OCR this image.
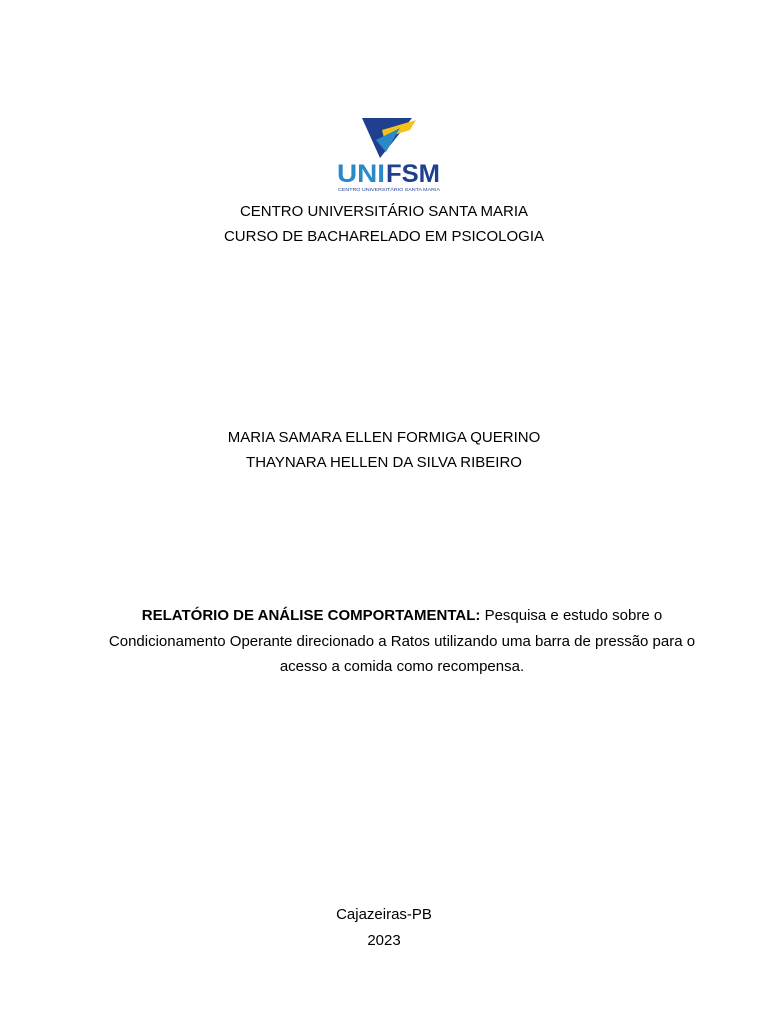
UNI FSM
CENTRO UNIVERSITÁRIO SANTA MARIA
CENTRO UNIVERSITÁRIO SANTA MARIA
CURSO DE BACHARELADO EM PSICOLOGIA
MARIA SAMARA ELLEN FORMIGA QUERINO
THAYNARA HELLEN DA SILVA RIBEIRO
RELATÓRIO DE ANÁLISE COMPORTAMENTAL: Pesquisa e estudo sobre o Condicionamento Operante direcionado a Ratos utilizando uma barra de pressão para o acesso a comida como recompensa.
Cajazeiras-PB
2023
